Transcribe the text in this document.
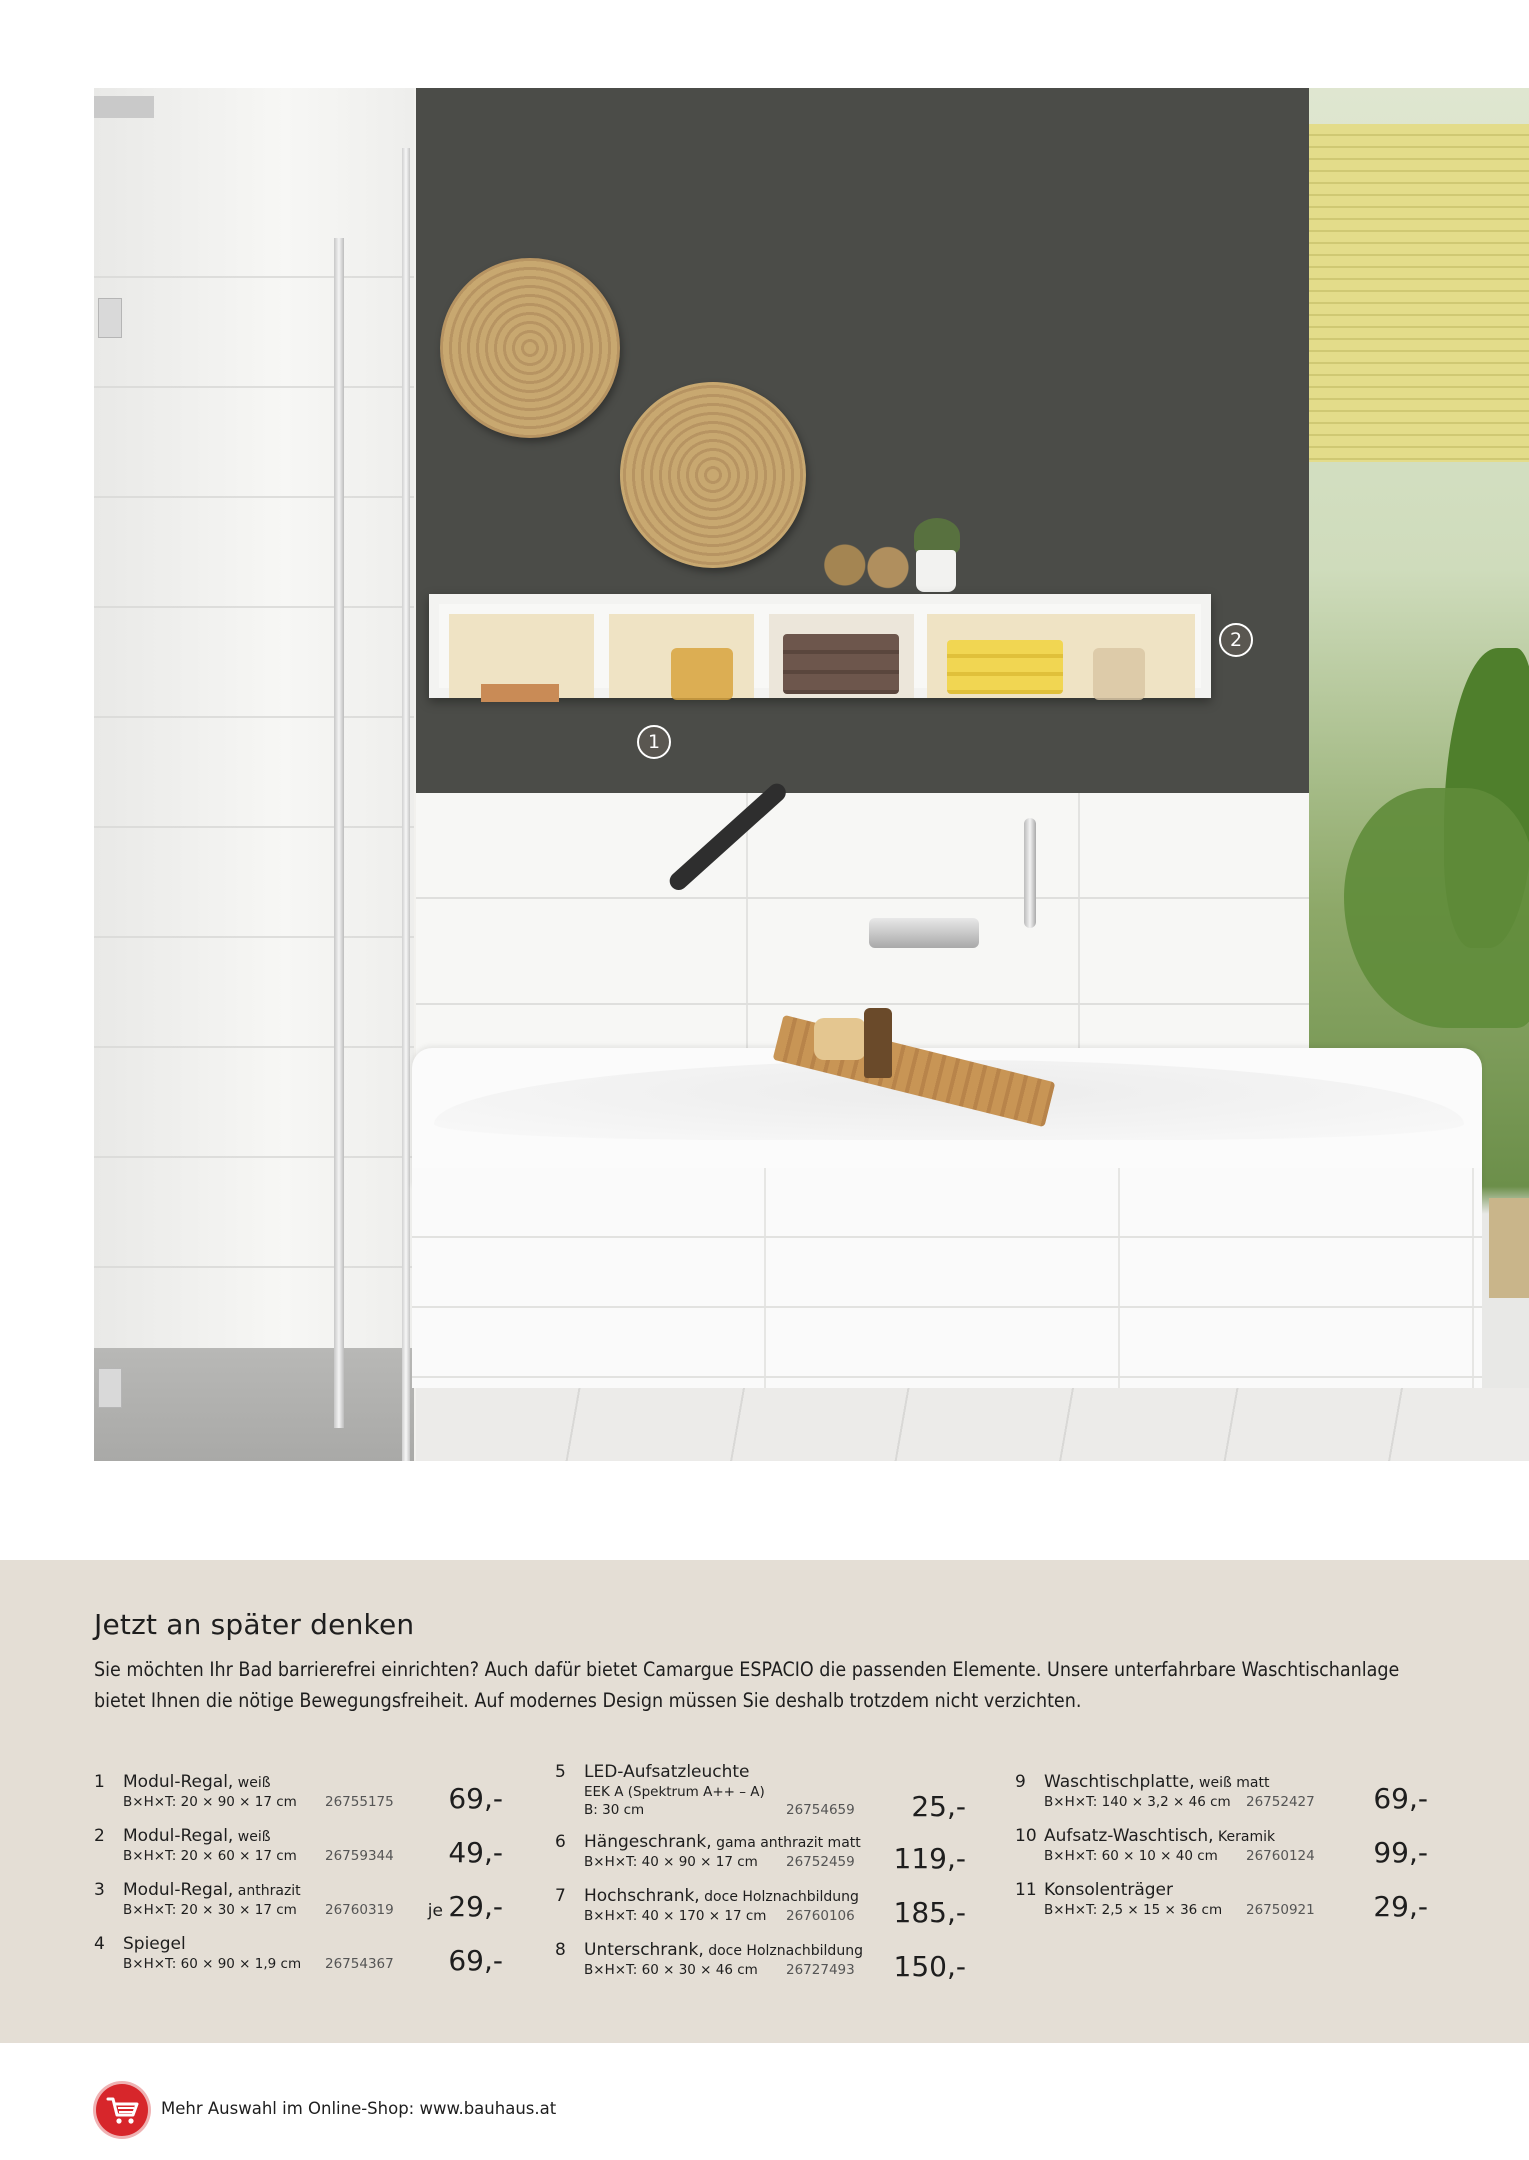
1
2
Jetzt an später denken
Sie möchten Ihr Bad barrierefrei einrichten? Auch dafür bietet Camargue ESPACIO die passenden Elemente. Unsere unterfahrbare Waschtischanlage bietet Ihnen die nötige Bewegungsfreiheit. Auf modernes Design müssen Sie deshalb trotzdem nicht verzichten.
1 Modul-Regal, weiß
B×H×T: 20 × 90 × 17 cm 26755175 69,-
2 Modul-Regal, weiß
B×H×T: 20 × 60 × 17 cm 26759344 49,-
3 Modul-Regal, anthrazit
B×H×T: 20 × 30 × 17 cm 26760319 je 29,-
4 Spiegel
B×H×T: 60 × 90 × 1,9 cm 26754367 69,-
5 LED-Aufsatzleuchte
EEK A (Spektrum A++ – A)
B: 30 cm	26754659 25,-
6 Hängeschrank, gama anthrazit matt
B×H×T: 40 × 90 × 17 cm 26752459 119,-
7 Hochschrank, doce Holznachbildung
B×H×T: 40 × 170 × 17 cm 26760106 185,-
8 Unterschrank, doce Holznachbildung
B×H×T: 60 × 30 × 46 cm 26727493 150,-
9 Waschtischplatte, weiß matt
B×H×T: 140 × 3,2 × 46 cm 26752427 69,-
10 Aufsatz-Waschtisch, Keramik
B×H×T: 60 × 10 × 40 cm 26760124 99,-
11 Konsolenträger
B×H×T: 2,5 × 15 × 36 cm 26750921 29,-
Mehr Auswahl im Online-Shop: www.bauhaus.at
